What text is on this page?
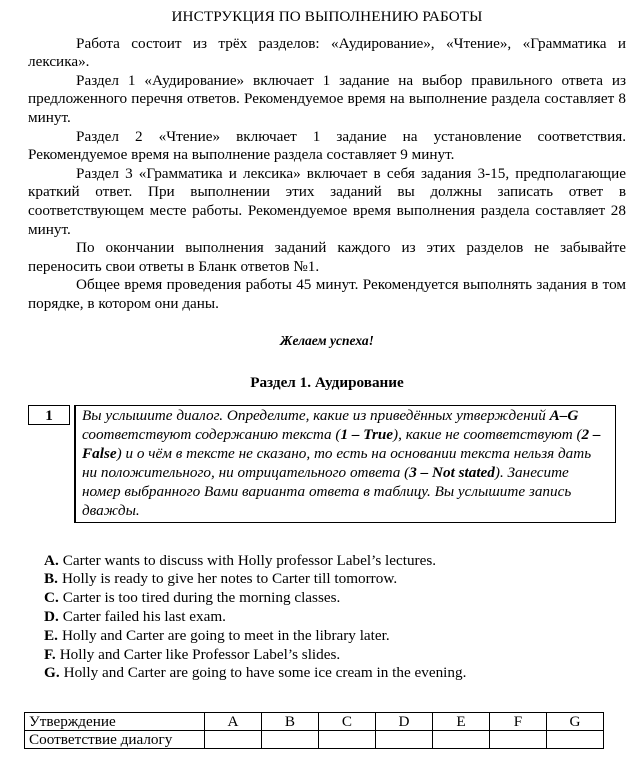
ИНСТРУКЦИЯ ПО ВЫПОЛНЕНИЮ РАБОТЫ

Работа состоит из трёх разделов: «Аудирование», «Чтение», «Грамматика и лексика».

Раздел 1 «Аудирование» включает 1 задание на выбор правильного ответа из предложенного перечня ответов. Рекомендуемое время на выполнение раздела составляет 8 минут.

Раздел 2 «Чтение» включает 1 задание на установление соответствия. Рекомендуемое время на выполнение раздела составляет 9 минут.

Раздел 3 «Грамматика и лексика» включает в себя задания 3-15, предполагающие краткий ответ. При выполнении этих заданий вы должны записать ответ в соответствующем месте работы. Рекомендуемое время выполнения раздела составляет 28 минут.

По окончании выполнения заданий каждого из этих разделов не забывайте переносить свои ответы в Бланк ответов №1.

Общее время проведения работы 45 минут. Рекомендуется выполнять задания в том порядке, в котором они даны.

Желаем успеха!
Раздел 1. Аудирование
1	Вы услышите диалог. Определите, какие из приведённых утверждений A–G соответствуют содержанию текста (1 – True), какие не соответствуют (2 – False) и о чём в тексте не сказано, то есть на основании текста нельзя дать ни положительного, ни отрицательного ответа (3 – Not stated). Занесите номер выбранного Вами варианта ответа в таблицу. Вы услышите запись дважды.

A. Carter wants to discuss with Holly professor Label’s lectures.

B. Holly is ready to give her notes to Carter till tomorrow.

C. Carter is too tired during the morning classes.

D. Carter failed his last exam.

E. Holly and Carter are going to meet in the library later.

F. Holly and Carter like Professor Label’s slides.

G. Holly and Carter are going to have some ice cream in the evening.

Утверждение	A	B	C	D	E	F	G
Соответствие диалогу							
